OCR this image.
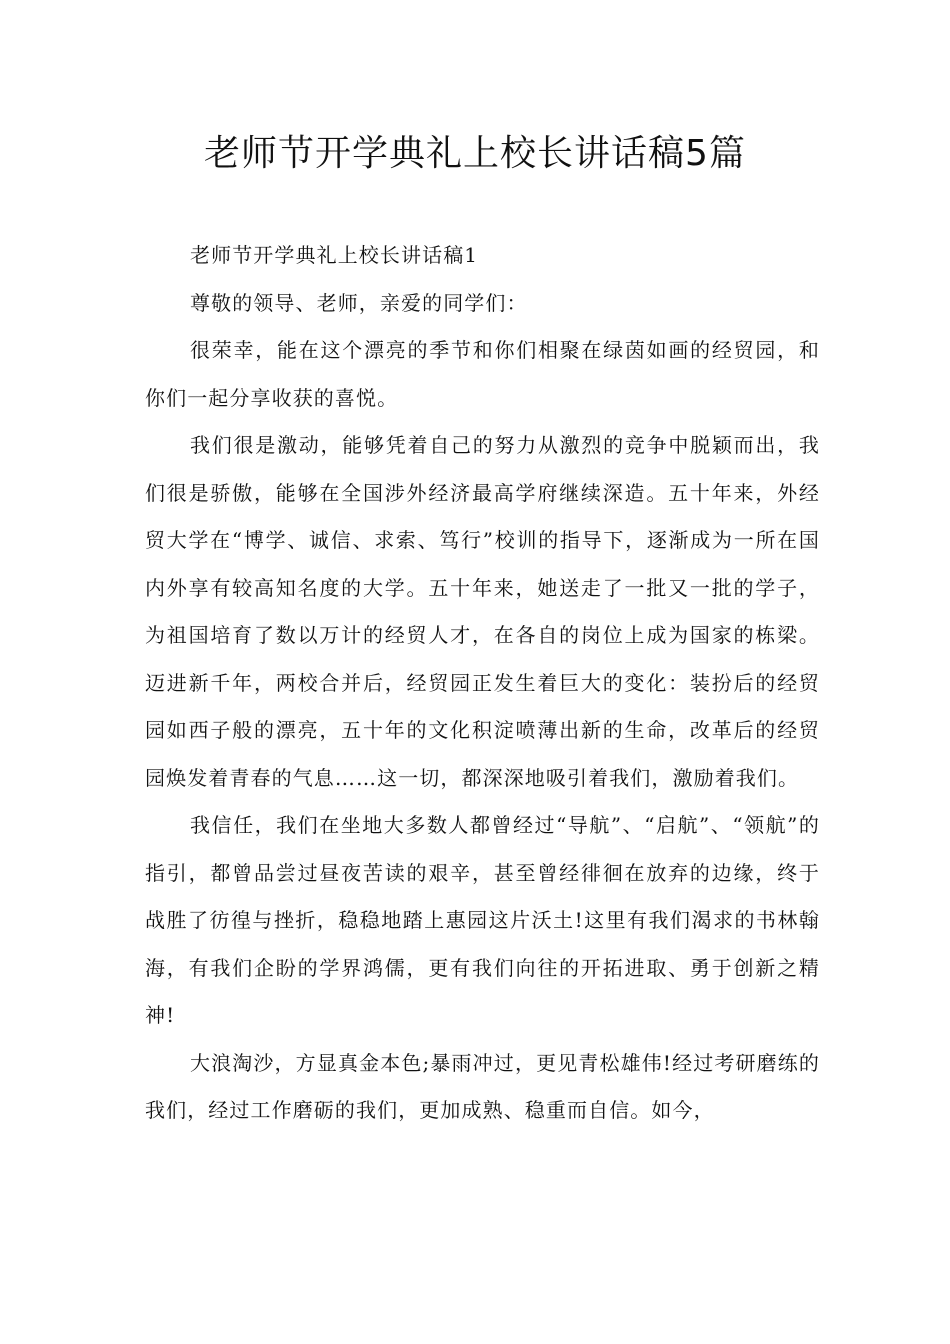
老师节开学典礼上校长讲话稿5篇

老师节开学典礼上校长讲话稿1

尊敬的领导、老师，亲爱的同学们：

很荣幸，能在这个漂亮的季节和你们相聚在绿茵如画的经贸园，和你们一起分享收获的喜悦。

我们很是激动，能够凭着自己的努力从激烈的竞争中脱颖而出，我们很是骄傲，能够在全国涉外经济最高学府继续深造。五十年来，外经贸大学在“博学、诚信、求索、笃行”校训的指导下，逐渐成为一所在国内外享有较高知名度的大学。五十年来，她送走了一批又一批的学子，为祖国培育了数以万计的经贸人才，在各自的岗位上成为国家的栋梁。迈进新千年，两校合并后，经贸园正发生着巨大的变化：装扮后的经贸园如西子般的漂亮，五十年的文化积淀喷薄出新的生命，改革后的经贸园焕发着青春的气息……这一切，都深深地吸引着我们，激励着我们。

我信任，我们在坐地大多数人都曾经过“导航”、“启航”、“领航”的指引，都曾品尝过昼夜苦读的艰辛，甚至曾经徘徊在放弃的边缘，终于战胜了彷徨与挫折，稳稳地踏上惠园这片沃土!这里有我们渴求的书林翰海，有我们企盼的学界鸿儒，更有我们向往的开拓进取、勇于创新之精神!

大浪淘沙，方显真金本色;暴雨冲过，更见青松雄伟!经过考研磨练的我们，经过工作磨砺的我们，更加成熟、稳重而自信。如今，
